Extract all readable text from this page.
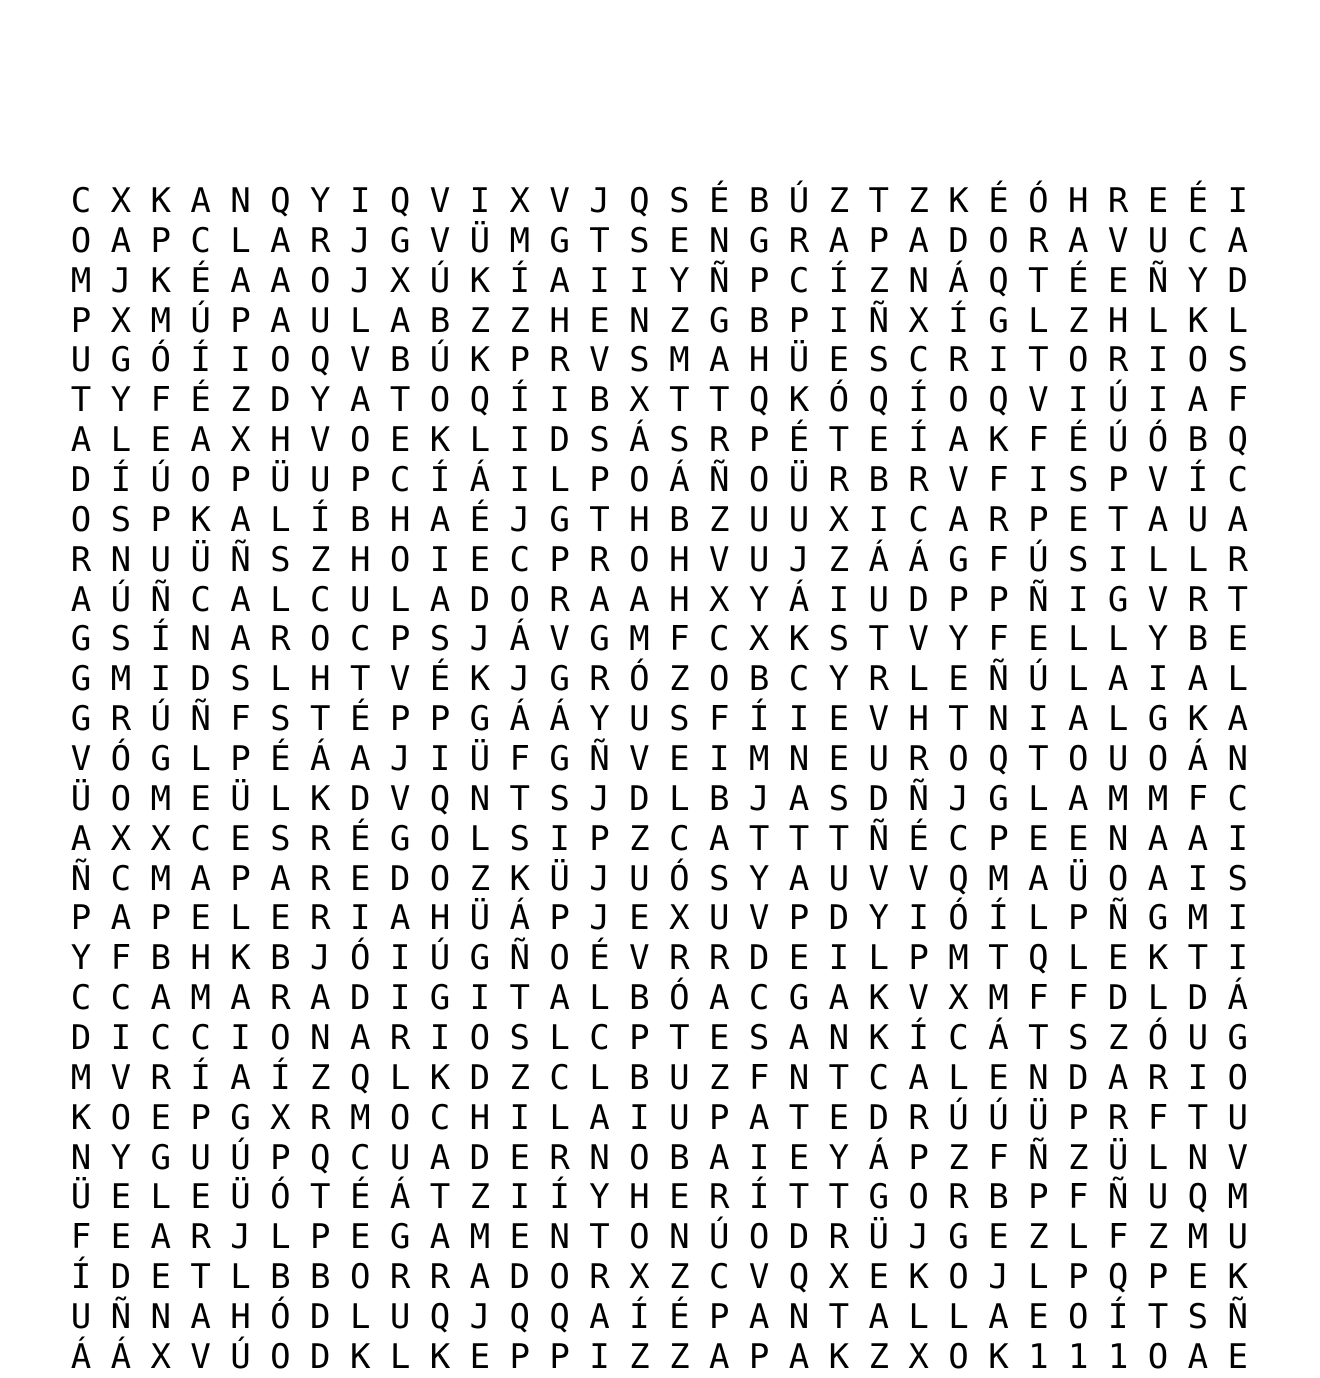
C X K A N Q Y I Q V I X V J Q S É B Ú Z T Z K É Ó H R E É I
O A P C L A R J G V Ü M G T S E N G R A P A D O R A V U C A
M J K É A A O J X Ú K Í A I I Y Ñ P C Í Z N Á Q T É E Ñ Y D
P X M Ú P A U L A B Z Z H E N Z G B P I Ñ X Í G L Z H L K L
U G Ó Í I O Q V B Ú K P R V S M A H Ü E S C R I T O R I O S
T Y F É Z D Y A T O Q Í I B X T T Q K Ó Q Í O Q V I Ú I A F
A L E A X H V O E K L I D S Á S R P É T E Í A K F É Ú Ó B Q
D Í Ú O P Ü U P C Í Á I L P O Á Ñ O Ü R B R V F I S P V Í C
O S P K A L Í B H A É J G T H B Z U U X I C A R P E T A U A
R N U Ü Ñ S Z H O I E C P R O H V U J Z Á Á G F Ú S I L L R
A Ú Ñ C A L C U L A D O R A A H X Y Á I U D P P Ñ I G V R T
G S Í N A R O C P S J Á V G M F C X K S T V Y F E L L Y B E
G M I D S L H T V É K J G R Ó Z O B C Y R L E Ñ Ú L A I A L
G R Ú Ñ F S T É P P G Á Á Y U S F Í I E V H T N I A L G K A
V Ó G L P É Á A J I Ü F G Ñ V E I M N E U R O Q T O U O Á N
Ü O M E Ü L K D V Q N T S J D L B J A S D Ñ J G L A M M F C
A X X C E S R É G O L S I P Z C A T T T Ñ É C P E E N A A I
Ñ C M A P A R E D O Z K Ü J U Ó S Y A U V V Q M A Ü O A I S
P A P E L E R I A H Ü Á P J E X U V P D Y I Ó Í L P Ñ G M I
Y F B H K B J Ó I Ú G Ñ O É V R R D E I L P M T Q L E K T I
C C A M A R A D I G I T A L B Ó A C G A K V X M F F D L D Á
D I C C I O N A R I O S L C P T E S A N K Í C Á T S Z Ó U G
M V R Í A Í Z Q L K D Z C L B U Z F N T C A L E N D A R I O
K O E P G X R M O C H I L A I U P A T E D R Ú Ú Ü P R F T U
N Y G U Ú P Q C U A D E R N O B A I E Y Á P Z F Ñ Z Ü L N V
Ü E L E Ü Ó T É Á T Z I Í Y H E R Í T T G O R B P F Ñ U Q M
F E A R J L P E G A M E N T O N Ú O D R Ü J G E Z L F Z M U
Í D E T L B B O R R A D O R X Z C V Q X E K O J L P Q P E K
U Ñ N A H Ó D L U Q J Q Q A Í É P A N T A L L A E O Í T S Ñ
Á Á X V Ú O D K L K E P P I Z Z A P A K Z X O K 1 1 1 O A E
